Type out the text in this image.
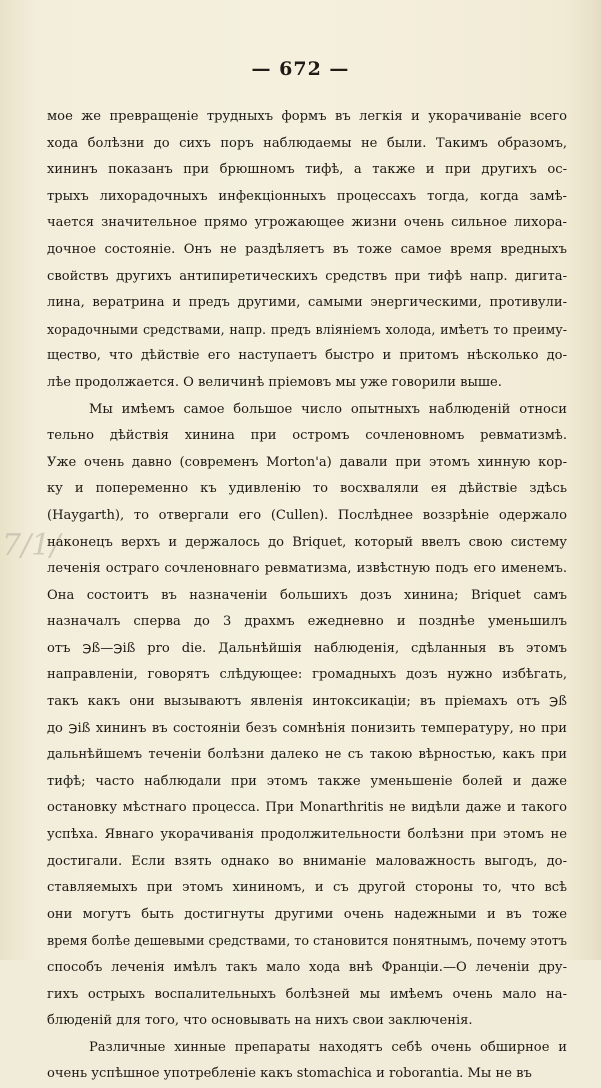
— 672 —
7/1/
мое же превращеніе трудныхъ формъ въ легкія и укорачиваніе всего
хода болѣзни до сихъ поръ наблюдаемы не были. Такимъ образомъ,
хининъ показанъ при брюшномъ тифѣ, а также и при другихъ ос-
трыхъ лихорадочныхъ инфекціонныхъ процессахъ тогда, когда замѣ-
чается значительное прямо угрожающее жизни очень сильное лихора-
дочное состояніе. Онъ не раздѣляетъ въ тоже самое время вредныхъ
свойствъ другихъ антипиретическихъ средствъ при тифѣ напр. дигита-
лина, вератрина и предъ другими, самыми энергическими, противули-
хорадочными средствами, напр. предъ вліяніемъ холода, имѣетъ то преиму-
щество, что дѣйствіе его наступаетъ быстро и притомъ нѣсколько до-
лѣе продолжается. О величинѣ пріемовъ мы уже говорили выше.
Мы имѣемъ самое большое число опытныхъ наблюденій относи
тельно дѣйствія хинина при остромъ сочленовномъ ревматизмѣ.
Уже очень давно (современъ Morton'a) давали при этомъ хинную кор-
ку и попеременно къ удивленію то восхваляли ея дѣйствіе здѣсь
(Haygarth), то отвергали его (Cullen). Послѣднее воззрѣніе одержало
наконецъ верхъ и держалось до Briquet, который ввелъ свою систему
леченія остраго сочленовнаго ревматизма, извѣстную подъ его именемъ.
Она состоитъ въ назначеніи большихъ дозъ хинина; Briquet самъ
назначалъ сперва до 3 драхмъ ежедневно и позднѣе уменьшилъ
отъ ℈ß—℈iß pro die. Дальнѣйшія наблюденія, сдѣланныя въ этомъ
направленіи, говорятъ слѣдующее: громадныхъ дозъ нужно избѣгать,
такъ какъ они вызываютъ явленія интоксикаціи; въ пріемахъ отъ ℈ß
до ℈iß хининъ въ состояніи безъ сомнѣнія понизить температуру, но при
дальнѣйшемъ теченіи болѣзни далеко не съ такою вѣрностью, какъ при
тифѣ; часто наблюдали при этомъ также уменьшеніе болей и даже
остановку мѣстнаго процесса. При Monarthritis не видѣли даже и такого
успѣха. Явнаго укорачиванія продолжительности болѣзни при этомъ не
достигали. Если взять однако во вниманіе маловажность выгодъ, до-
ставляемыхъ при этомъ хининомъ, и съ другой стороны то, что всѣ
они могутъ быть достигнуты другими очень надежными и въ тоже
время болѣе дешевыми средствами, то становится понятнымъ, почему этотъ
способъ леченія имѣлъ такъ мало хода внѣ Франціи.—О леченіи дру-
гихъ острыхъ воспалительныхъ болѣзней мы имѣемъ очень мало на-
блюденій для того, что основывать на нихъ свои заключенія.
Различные хинные препараты находятъ себѣ очень обширное и
очень успѣшное употребленіе какъ stomachica и roborantia. Мы не въ
